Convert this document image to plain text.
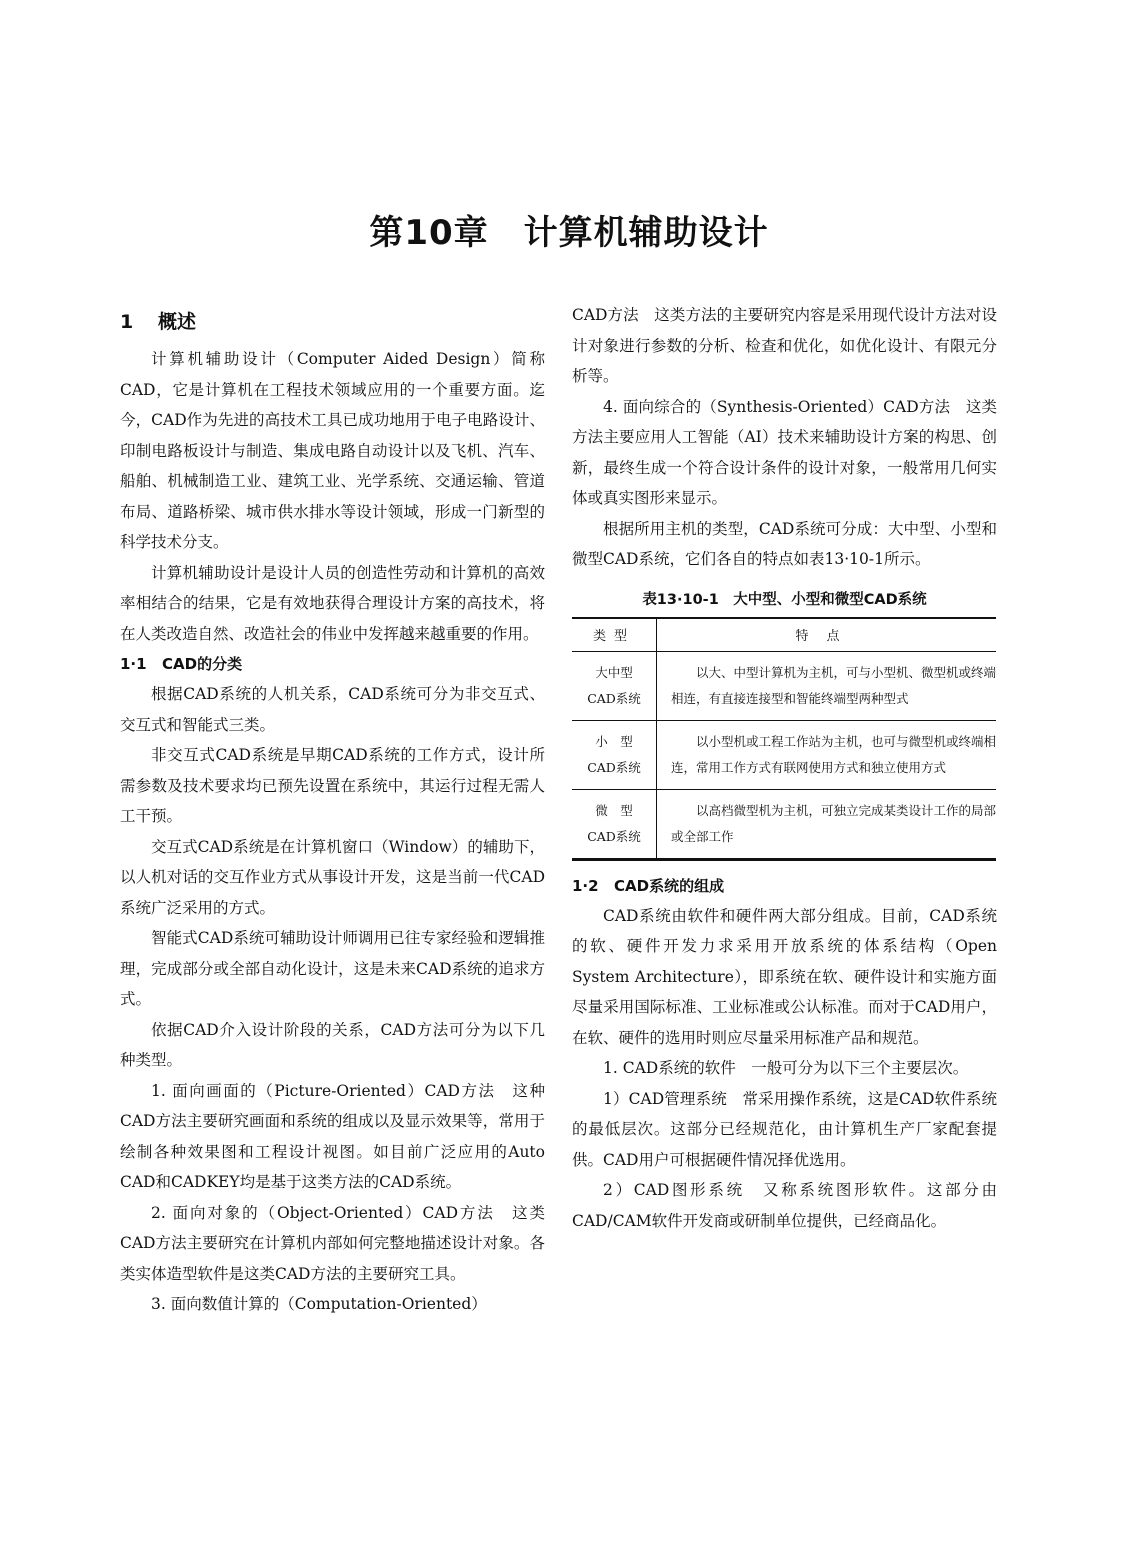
第10章　计算机辅助设计
1 概述

计算机辅助设计（Computer Aided Design）简称CAD，它是计算机在工程技术领域应用的一个重要方面。迄今，CAD作为先进的高技术工具已成功地用于电子电路设计、印制电路板设计与制造、集成电路自动设计以及飞机、汽车、船舶、机械制造工业、建筑工业、光学系统、交通运输、管道布局、道路桥梁、城市供水排水等设计领域，形成一门新型的科学技术分支。

计算机辅助设计是设计人员的创造性劳动和计算机的高效率相结合的结果，它是有效地获得合理设计方案的高技术，将在人类改造自然、改造社会的伟业中发挥越来越重要的作用。

1·1 CAD的分类

根据CAD系统的人机关系，CAD系统可分为非交互式、交互式和智能式三类。

非交互式CAD系统是早期CAD系统的工作方式，设计所需参数及技术要求均已预先设置在系统中，其运行过程无需人工干预。

交互式CAD系统是在计算机窗口（Window）的辅助下，以人机对话的交互作业方式从事设计开发，这是当前一代CAD系统广泛采用的方式。

智能式CAD系统可辅助设计师调用已往专家经验和逻辑推理，完成部分或全部自动化设计，这是未来CAD系统的追求方式。

依据CAD介入设计阶段的关系，CAD方法可分为以下几种类型。

1. 面向画面的（Picture-Oriented）CAD方法　这种CAD方法主要研究画面和系统的组成以及显示效果等，常用于绘制各种效果图和工程设计视图。如目前广泛应用的Auto CAD和CADKEY均是基于这类方法的CAD系统。

2. 面向对象的（Object-Oriented）CAD方法　这类CAD方法主要研究在计算机内部如何完整地描述设计对象。各类实体造型软件是这类CAD方法的主要研究工具。

3. 面向数值计算的（Computation-Oriented）

CAD方法　这类方法的主要研究内容是采用现代设计方法对设计对象进行参数的分析、检查和优化，如优化设计、有限元分析等。

4. 面向综合的（Synthesis-Oriented）CAD方法　这类方法主要应用人工智能（AI）技术来辅助设计方案的构思、创新，最终生成一个符合设计条件的设计对象，一般常用几何实体或真实图形来显示。

根据所用主机的类型，CAD系统可分成：大中型、小型和微型CAD系统，它们各自的特点如表13·10-1所示。

表13·10-1　大中型、小型和微型CAD系统
类型	特点

大中型
CAD系统	以大、中型计算机为主机，可与小型机、微型机或终端相连，有直接连接型和智能终端型两种型式

小　型
CAD系统	以小型机或工程工作站为主机，也可与微型机或终端相连，常用工作方式有联网使用方式和独立使用方式

微　型
CAD系统	以高档微型机为主机，可独立完成某类设计工作的局部或全部工作
1·2 CAD系统的组成

CAD系统由软件和硬件两大部分组成。目前，CAD系统的软、硬件开发力求采用开放系统的体系结构（Open System Architecture），即系统在软、硬件设计和实施方面尽量采用国际标准、工业标准或公认标准。而对于CAD用户，在软、硬件的选用时则应尽量采用标准产品和规范。

1. CAD系统的软件　一般可分为以下三个主要层次。

1）CAD管理系统　常采用操作系统，这是CAD软件系统的最低层次。这部分已经规范化，由计算机生产厂家配套提供。CAD用户可根据硬件情况择优选用。

2）CAD图形系统　又称系统图形软件。这部分由CAD/CAM软件开发商或研制单位提供，已经商品化。
